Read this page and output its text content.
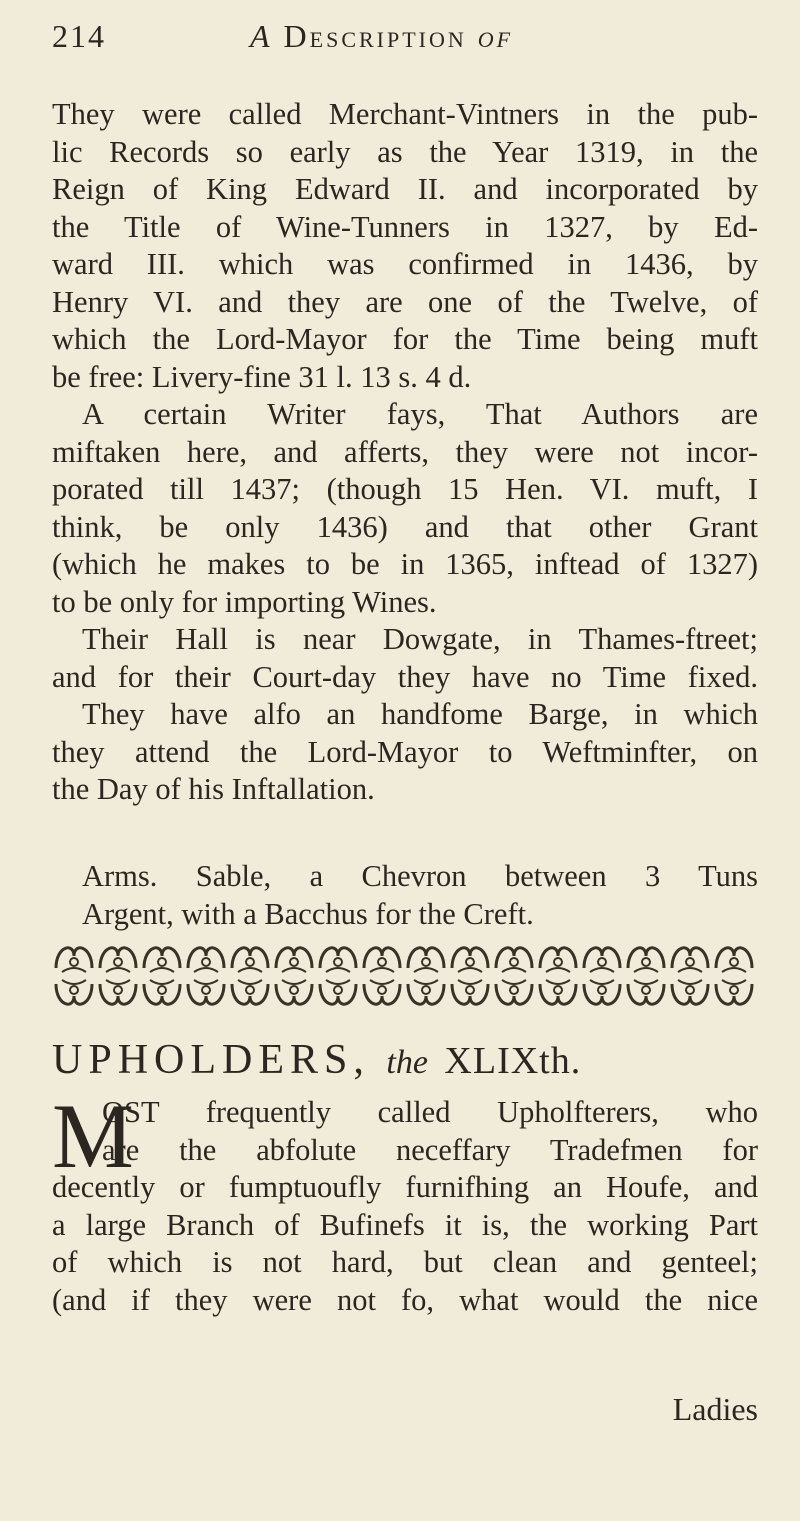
214	A Description of
They were called Merchant-Vintners in the pub-
lic Records so early as the Year 1319, in the
Reign of King Edward II. and incorporated by
the Title of Wine-Tunners in 1327, by Ed-
ward III. which was confirmed in 1436, by
Henry VI. and they are one of the Twelve, of
which the Lord-Mayor for the Time being muft
be free: Livery-fine 31 l. 13 s. 4 d.
A certain Writer fays, That Authors are
miftaken here, and afferts, they were not incor-
porated till 1437; (though 15 Hen. VI. muft, I
think, be only 1436) and that other Grant
(which he makes to be in 1365, inftead of 1327)
to be only for importing Wines.
Their Hall is near Dowgate, in Thames-ftreet;
and for their Court-day they have no Time fixed.
They have alfo an handfome Barge, in which
they attend the Lord-Mayor to Weftminfter, on
the Day of his Inftallation.
Arms. Sable, a Chevron between 3 Tuns
Argent, with a Bacchus for the Creft.
UPHOLDERS, the XLIXth.
M
OST frequently called Upholfterers, who
are the abfolute neceffary Tradefmen for
decently or fumptuoufly furnifhing an Houfe, and
a large Branch of Bufinefs it is, the working Part
of which is not hard, but clean and genteel;
(and if they were not fo, what would the nice
Ladies
